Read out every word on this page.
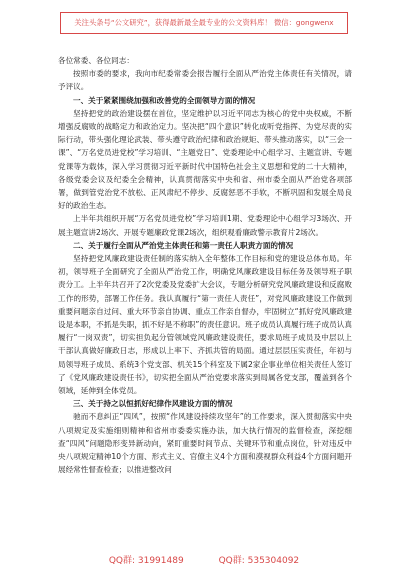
关注头条号“公文研究”，获得最新最全最专业的公文资料库！ 微信：gongwenx

各位常委、各位同志：

按照市委的要求，我向市纪委常委会报告履行全面从严治党主体责任有关情况，请予评议。

一、关于紧紧围绕加强和改善党的全面领导方面的情况

坚持把党的政治建设摆在首位，坚定维护以习近平同志为核心的党中央权威，不断增强反腐败的战略定力和政治定力。坚决把“四个意识”转化成听党指挥、为党尽责的实际行动，带头强化理论武装、带头遵守政治纪律和政治规矩、带头推动落实，以“三会一课”、“万名党员进党校”学习培训、“主题党日”、党委理论中心组学习、主题宣讲、专题党课等为载体，深入学习贯彻习近平新时代中国特色社会主义思想和党的二十大精神，各级党委会议及纪委全会精神，认真贯彻落实中央和省、州市委全面从严治党各项部署，做到管党治党不放松、正风肃纪不停步、反腐惩恶不手软，不断巩固和发展全局良好的政治生态。

上半年共组织开展“万名党员进党校”学习培训1期、党委理论中心组学习3场次、开展主题宣讲2场次、开展专题廉政党课2场次，组织观看廉政警示教育片2场次。

二、关于履行全面从严治党主体责任和第一责任人职责方面的情况

坚持把党风廉政建设责任制的落实纳入全年整体工作目标和党的建设总体布局。年初，领导班子全面研究了全面从严治党工作，明确党风廉政建设目标任务及领导班子职责分工。上半年共召开了2次党委及党委扩大会议，专题分析研究党风廉政建设和反腐败工作的形势，部署工作任务。我认真履行“第一责任人责任”，对党风廉政建设工作做到重要问题亲自过问、重大环节亲自协调、重点工作亲自督办，牢固树立“抓好党风廉政建设是本职，不抓是失职，抓不好是不称职”的责任意识。班子成员认真履行班子成员认真履行“一岗双责”，切实担负起分管领域党风廉政建设责任，要求局班子成员及中层以上干部认真做好廉政日志，形成以上率下、齐抓共管的局面。通过层层压实责任，年初与局领导班子成员、系统3个党支部、机关15个科室及下属2家企事业单位相关责任人签订了《党风廉政建设责任书》，切实把全面从严治党要求落实到局属各党支部，覆盖到各个领域，延伸到全体党员。

三、关于持之以恒抓好纪律作风建设方面的情况

驰而不息纠正“四风”，按照“作风建设持续攻坚年”的工作要求，深入贯彻落实中央八项规定及实施细则精神和省州市委委实施办法，加大执行情况的监督检查，深挖细查“四风”问题隐形变异新动向，紧盯重要时间节点、关键环节和重点岗位，针对违反中央八项规定精神10个方面、形式主义、官僚主义4个方面和漠视群众利益4个方面问题开展经常性督查检查；以推进整改问

QQ群: 31991489	QQ群: 535304092
